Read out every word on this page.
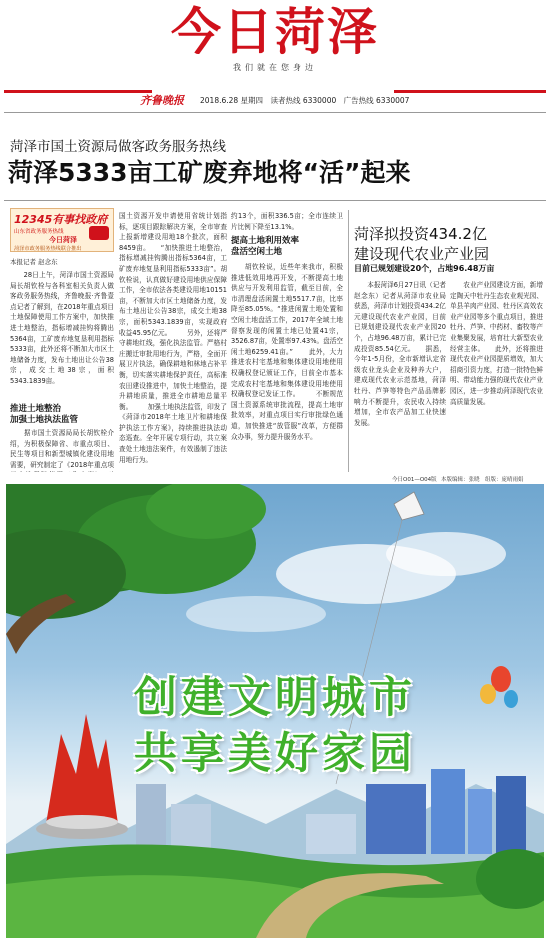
今日菏泽
我们就在您身边
齐鲁晚报 2018.6.28 星期四 读者热线 6330000 广告热线 6330007
菏泽市国土资源局做客政务服务热线
菏泽5333亩工矿废弃地将“活”起来
12345有事找政府
山东省政务服务热线
今日菏泽
菏泽市政务服务热线联合推出
本报记者 赵念东
　　28日上午，菏泽市国土资源局局长胡钦栓与各科室相关负责人做客政务服务热线，齐鲁晚报·齐鲁壹点记者了解到，在2018年重点项目土地保障使用工作方案中，加快推进土地整治，指标增减挂钩将腾出5364亩，工矿废弃地复垦利用指标5333亩，此外还将不断加大市区土地储备力度，发布土地出让公告38宗，成交土地38宗，面积5343.1839亩。
推进土地整治
加强土地执法监管
　　据市国土资源局局长胡钦栓介绍，为积极保障省、市重点项目、民生等项目和新型城镇化建设用地需要，研究制定了《2018年重点项
国土资源开发申请使用省统计划指标，逐项目跟踪解决方案，全市审查上报新增建设用地18个批次，面积8459亩。　　“加快推进土地整治，指标增减挂钩腾出指标5364亩，工矿废弃地复垦利用指标5333亩”。胡钦栓说，认真做好建设用地供应保障工作，全市依法各类建设用地10151亩，不断加大市区土地储备力度，发布土地出让公告38宗，成交土地38宗，面积5343.1839亩，实现政府收益45.95亿元。 　　另外，还将严守耕地红线，强化执法监管。严格村庄搬迁审批用地行为，严格，全面开展卫片执法，确保耕地和林地占补平衡，切实落实耕地保护责任，高标准农田建设推进中，加快土地整治，提升耕地质量，推进全市耕地总量平衡。 　　加强土地执法监管，印发了《菏泽市2018年土地卫片和耕地保护执法工作方案》，持续推进执法动态巡查。全年开展专项行动，共立案查处土地违法案件，有效遏制了违法用地行为。
约13个，面积336.5亩；全市连续卫片比例下降至13.1%。
提高土地利用效率
盘活空闲土地
　　胡钦栓说，近些年来我市，积极推进低效用地再开发，不断提高土地供应与开发利用监管，截至目前，全市清理盘活闲置土地5517.7亩，比率降至85.05%。“推进闲置土地处置和空闲土地盘活工作，2017年全域土地督察发现的闲置土地已处置41宗，3526.87亩，处置率97.43%。盘活空闲土地6259.41亩。” 　　此外，大力推进农村宅基地和集体建设用地使用权确权登记颁证工作，目前全市基本完成农村宅基地和集体建设用地使用权确权登记发证工作。 　　不断规范国土资源系统审批流程，提高土地审批效率，对重点项目实行审批绿色通道，加快推进“放管服”改革，方便群众办事，努力提升服务水平。
菏泽拟投资434.2亿
建设现代农业产业园
目前已规划建设20个，占地96.48万亩
　　本报菏泽6月27日讯（记者　赵念东）记者从菏泽市农业局获悉，菏泽市计划投资434.2亿元建设现代农业产业园，目前已规划建设现代农业产业园20个，占地96.48万亩，累计已完成投资85.54亿元。　　据悉，今年1-5月份，全市新增认定省级农业龙头企业及种养大户，建成现代农业示范基地，菏泽牡丹、芦笋等特色产品品牌影响力不断提升，农民收入持续增加，全市农产品加工业快速发展。
　　农业产业园建设方面，新增定陶天中牡丹生态农业观光园、单县羊肉产业园、牡丹区高效农业产业园等多个重点项目，推进牡丹、芦笋、中药材、畜牧等产业集聚发展，培育壮大新型农业经营主体。　　此外，还将推进现代农业产业园提质增效，加大招商引资力度，打造一批特色鲜明、带动能力强的现代农业产业园区，进一步推动菏泽现代农业高质量发展。
今日O01—O04版 本版编辑：张晓　组版：庞晴雨娟
创建文明城市
共享美好家园
